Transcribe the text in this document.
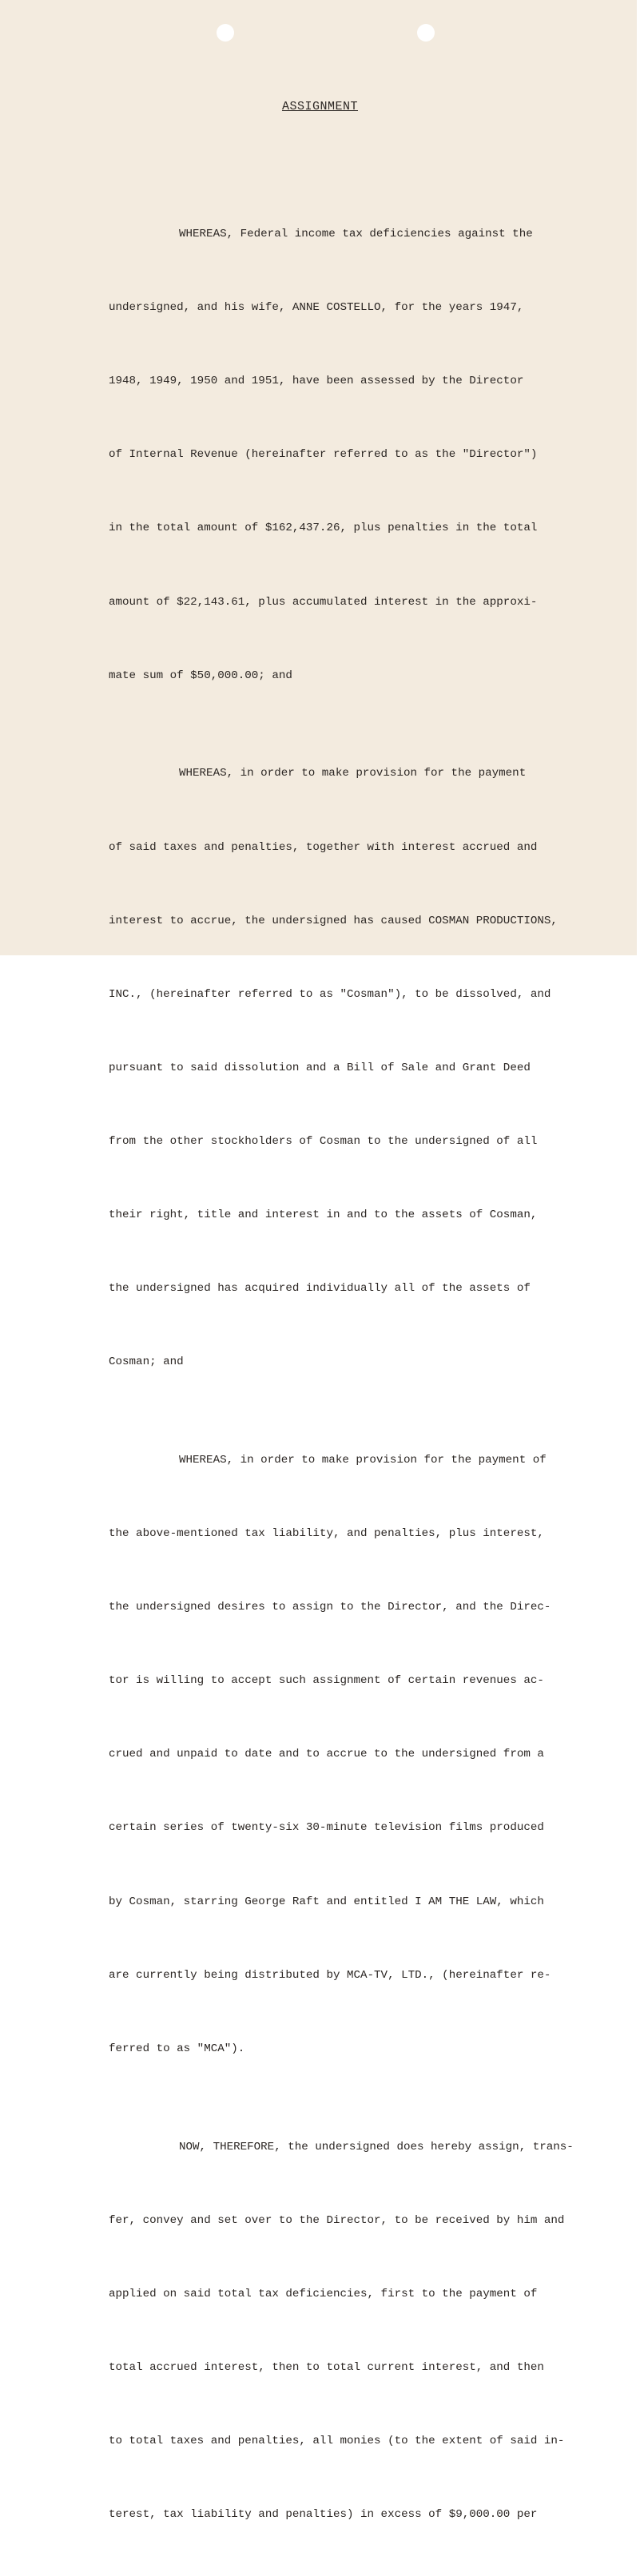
ASSIGNMENT

WHEREAS, Federal income tax deficiencies against the

undersigned, and his wife, ANNE COSTELLO, for the years 1947,

1948, 1949, 1950 and 1951, have been assessed by the Director

of Internal Revenue (hereinafter referred to as the "Director")

in the total amount of $162,437.26, plus penalties in the total

amount of $22,143.61, plus accumulated interest in the approxi-

mate sum of $50,000.00; and

WHEREAS, in order to make provision for the payment

of said taxes and penalties, together with interest accrued and

interest to accrue, the undersigned has caused COSMAN PRODUCTIONS,

INC., (hereinafter referred to as "Cosman"), to be dissolved, and

pursuant to said dissolution and a Bill of Sale and Grant Deed

from the other stockholders of Cosman to the undersigned of all

their right, title and interest in and to the assets of Cosman,

the undersigned has acquired individually all of the assets of

Cosman; and

WHEREAS, in order to make provision for the payment of

the above-mentioned tax liability, and penalties, plus interest,

the undersigned desires to assign to the Director, and the Direc-

tor is willing to accept such assignment of certain revenues ac-

crued and unpaid to date and to accrue to the undersigned from a

certain series of twenty-six 30-minute television films produced

by Cosman, starring George Raft and entitled I AM THE LAW, which

are currently being distributed by MCA-TV, LTD., (hereinafter re-

ferred to as "MCA").

NOW, THEREFORE, the undersigned does hereby assign, trans-

fer, convey and set over to the Director, to be received by him and

applied on said total tax deficiencies, first to the payment of

total accrued interest, then to total current interest, and then

to total taxes and penalties, all monies (to the extent of said in-

terest, tax liability and penalties) in excess of $9,000.00 per
